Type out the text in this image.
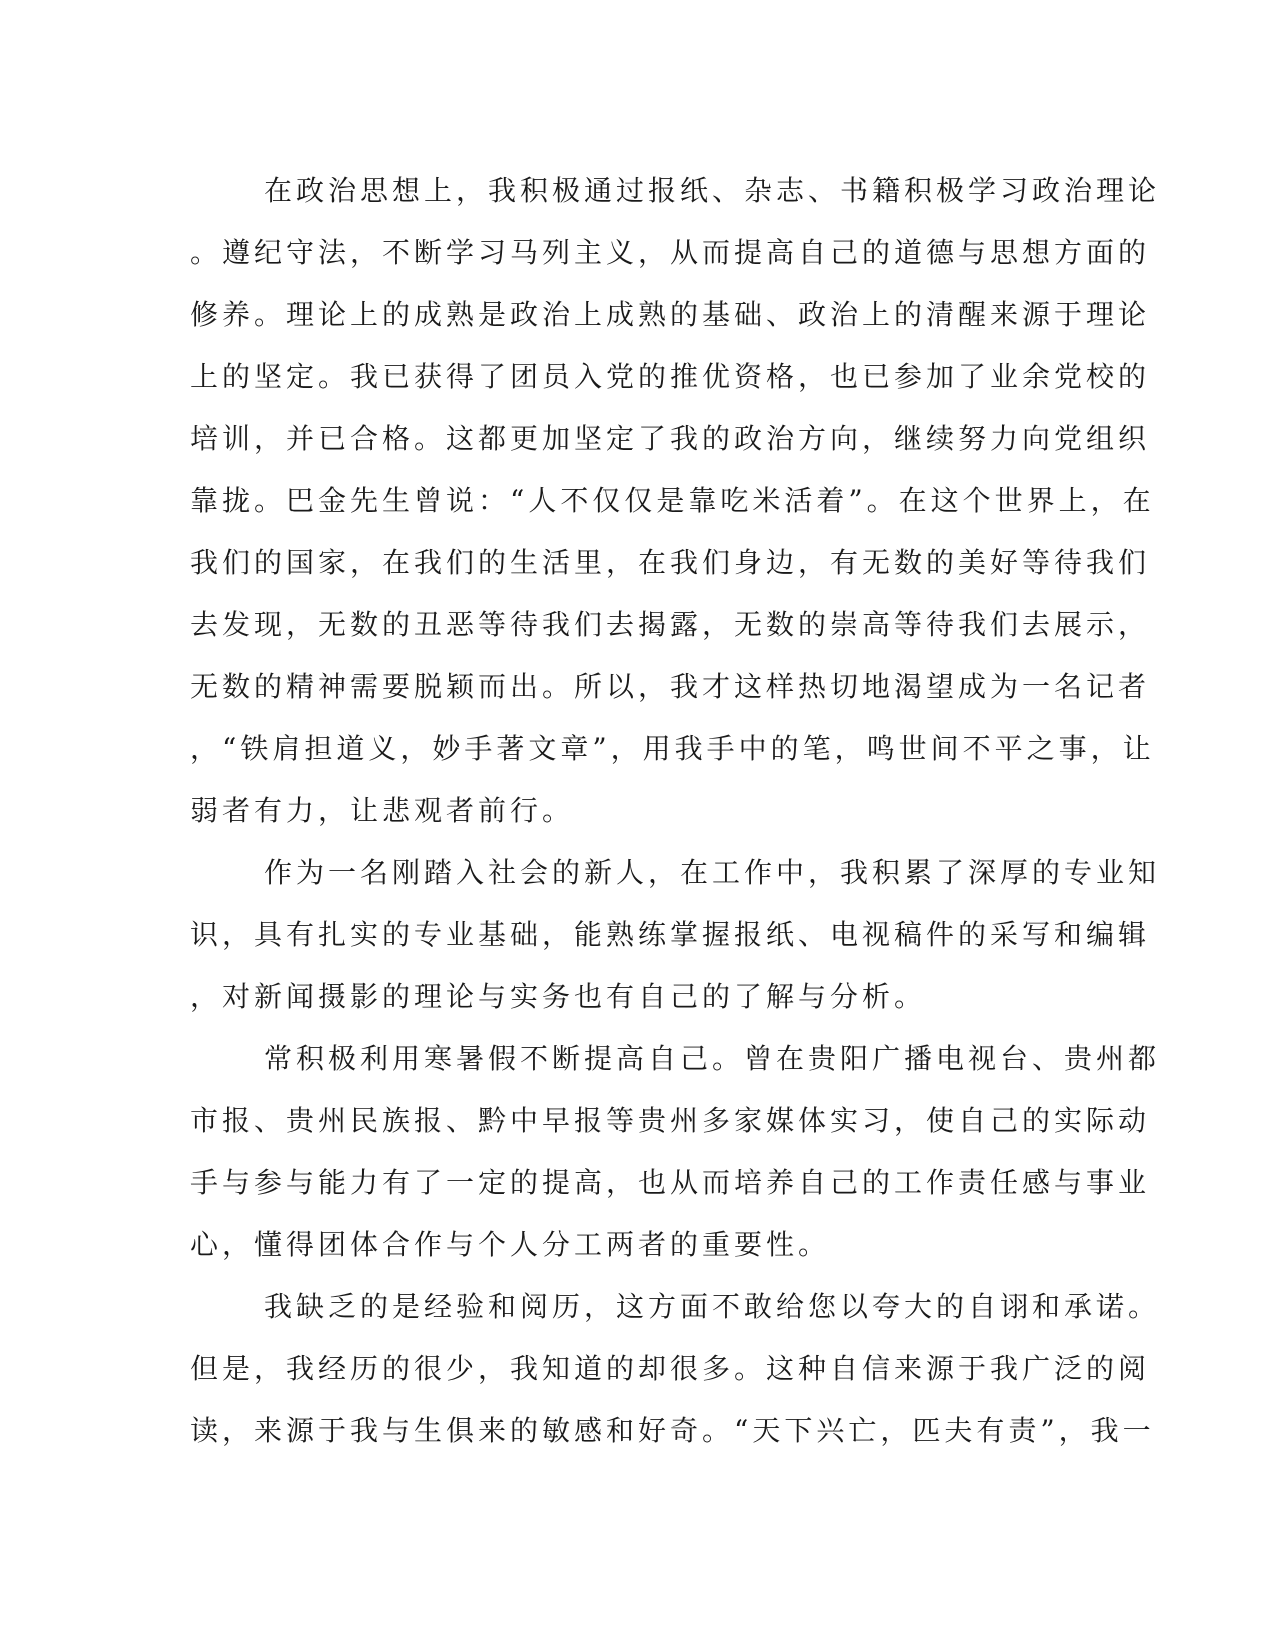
在政治思想上，我积极通过报纸、杂志、书籍积极学习政治理论
。遵纪守法，不断学习马列主义，从而提高自己的道德与思想方面的
修养。理论上的成熟是政治上成熟的基础、政治上的清醒来源于理论
上的坚定。我已获得了团员入党的推优资格，也已参加了业余党校的
培训，并已合格。这都更加坚定了我的政治方向，继续努力向党组织
靠拢。巴金先生曾说：“人不仅仅是靠吃米活着”。在这个世界上，在
我们的国家，在我们的生活里，在我们身边，有无数的美好等待我们
去发现，无数的丑恶等待我们去揭露，无数的崇高等待我们去展示，
无数的精神需要脱颖而出。所以，我才这样热切地渴望成为一名记者
，“铁肩担道义，妙手著文章”，用我手中的笔，鸣世间不平之事，让
弱者有力，让悲观者前行。
作为一名刚踏入社会的新人，在工作中，我积累了深厚的专业知
识，具有扎实的专业基础，能熟练掌握报纸、电视稿件的采写和编辑
，对新闻摄影的理论与实务也有自己的了解与分析。
常积极利用寒暑假不断提高自己。曾在贵阳广播电视台、贵州都
市报、贵州民族报、黔中早报等贵州多家媒体实习，使自己的实际动
手与参与能力有了一定的提高，也从而培养自己的工作责任感与事业
心，懂得团体合作与个人分工两者的重要性。
我缺乏的是经验和阅历，这方面不敢给您以夸大的自诩和承诺。
但是，我经历的很少，我知道的却很多。这种自信来源于我广泛的阅
读，来源于我与生俱来的敏感和好奇。“天下兴亡，匹夫有责”，我一
